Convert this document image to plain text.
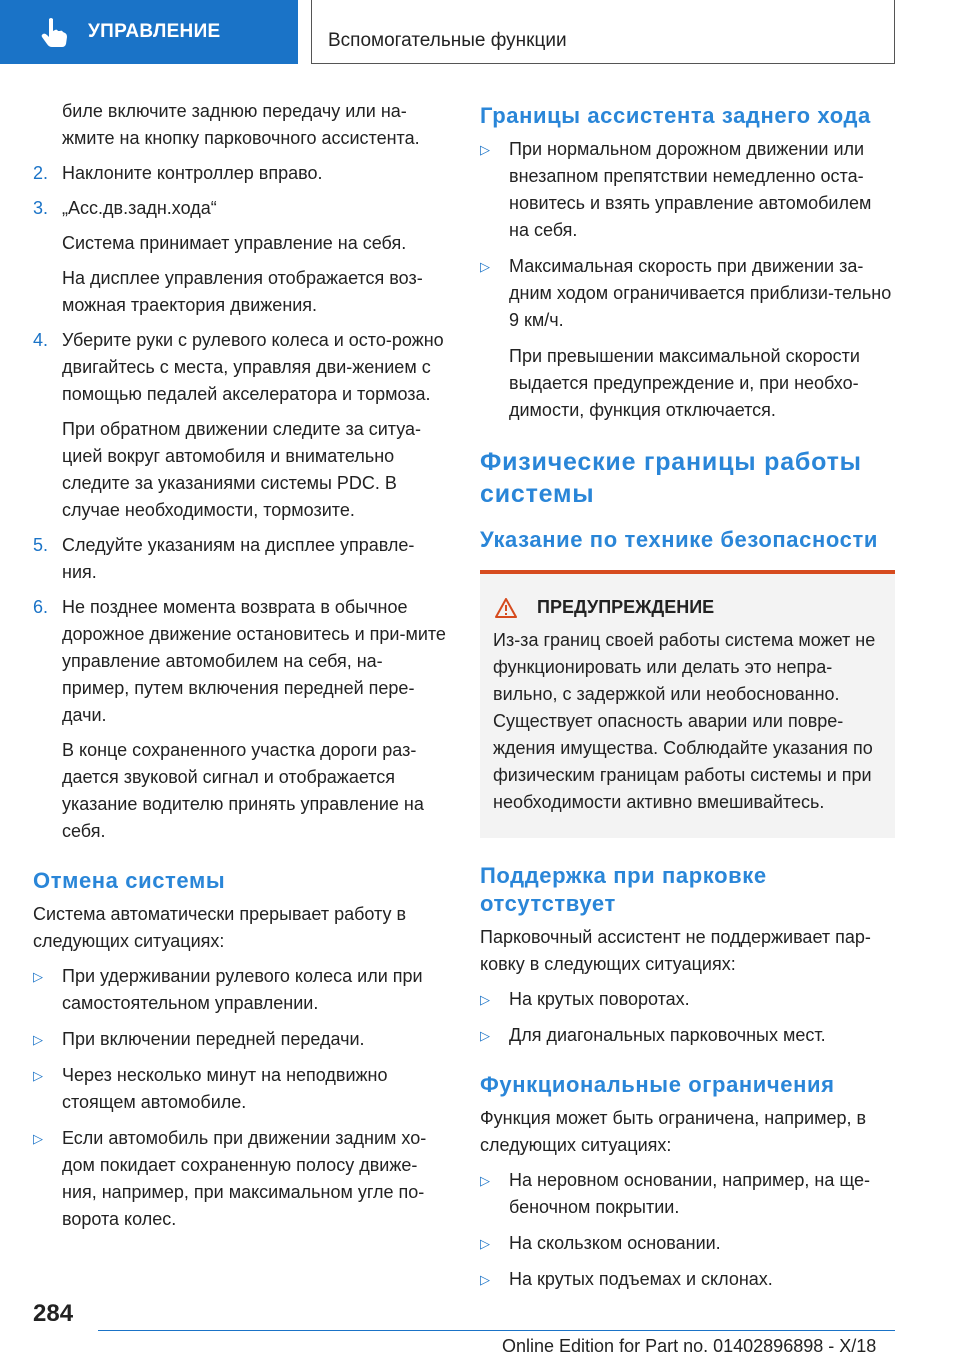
УПРАВЛЕНИЕ	Вспомогательные функции
биле включите заднюю передачу или на-жмите на кнопку парковочного ассистента.
2. Наклоните контроллер вправо.
3. „Асс.дв.задн.хода“
Система принимает управление на себя.
На дисплее управления отображается воз-можная траектория движения.
4. Уберите руки с рулевого колеса и осто-рожно двигайтесь с места, управляя дви-жением с помощью педалей акселератора и тормоза.
При обратном движении следите за ситуа-цией вокруг автомобиля и внимательно следите за указаниями системы PDC. В случае необходимости, тормозите.
5. Следуйте указаниям на дисплее управле-ния.
6. Не позднее момента возврата в обычное дорожное движение остановитесь и при-мите управление автомобилем на себя, на-пример, путем включения передней пере-дачи.
В конце сохраненного участка дороги раз-дается звуковой сигнал и отображается указание водителю принять управление на себя.
Отмена системы
Система автоматически прерывает работу в следующих ситуациях:
▷	При удерживании рулевого колеса или при самостоятельном управлении.
▷	При включении передней передачи.
▷	Через несколько минут на неподвижно стоящем автомобиле.
▷	Если автомобиль при движении задним хо-дом покидает сохраненную полосу движе-ния, например, при максимальном угле по-ворота колес.
Границы ассистента заднего хода
▷	При нормальном дорожном движении или внезапном препятствии немедленно оста-новитесь и взять управление автомобилем на себя.
▷	Максимальная скорость при движении за-дним ходом ограничивается приблизи-тельно 9 км/ч.
При превышении максимальной скорости выдается предупреждение и, при необхо-димости, функция отключается.
Физические границы работы системы
Указание по технике безопасности
ПРЕДУПРЕЖДЕНИЕ
Из-за границ своей работы система может не функционировать или делать это непра-вильно, с задержкой или необоснованно. Существует опасность аварии или повре-ждения имущества. Соблюдайте указания по физическим границам работы системы и при необходимости активно вмешивайтесь.
Поддержка при парковке отсутствует
Парковочный ассистент не поддерживает пар-ковку в следующих ситуациях:
▷	На крутых поворотах.
▷	Для диагональных парковочных мест.
Функциональные ограничения
Функция может быть ограничена, например, в следующих ситуациях:
▷	На неровном основании, например, на ще-беночном покрытии.
▷	На скользком основании.
▷	На крутых подъемах и склонах.
284
Online Edition for Part no. 01402896898 - X/18
